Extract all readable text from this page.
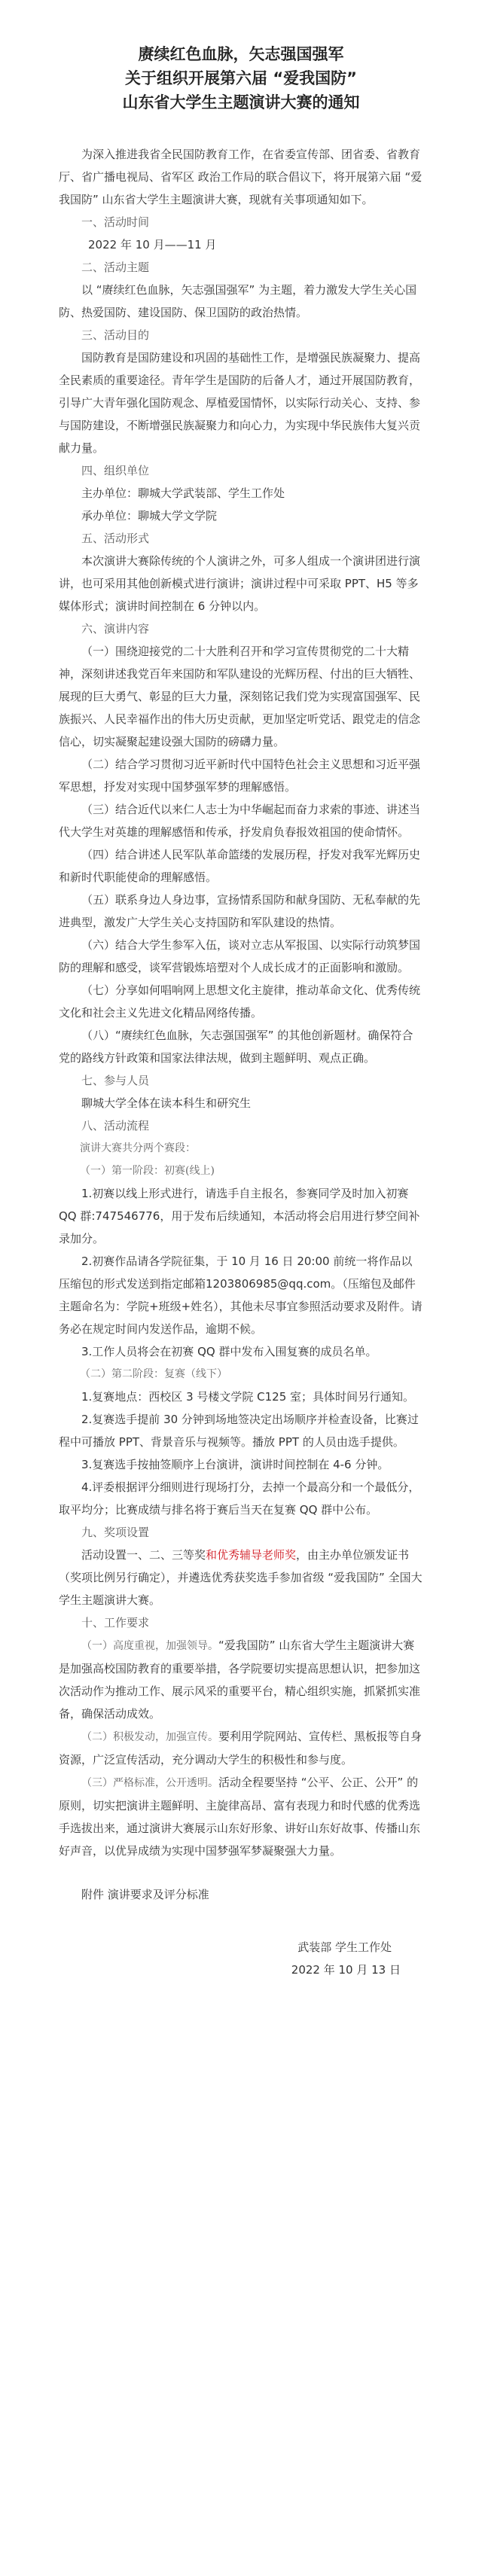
赓续红色血脉，矢志强国强军
关于组织开展第六届 “爱我国防”
山东省大学生主题演讲大赛的通知

为深入推进我省全民国防教育工作，在省委宣传部、团省委、省教育厅、省广播电视局、省军区 政治工作局的联合倡议下，将开展第六届 “爱我国防” 山东省大学生主题演讲大赛，现就有关事项通知如下。

一、活动时间

2022 年 10 月——11 月

二、活动主题

以 “赓续红色血脉，矢志强国强军” 为主题，着力激发大学生关心国防、热爱国防、建设国防、保卫国防的政治热情。

三、活动目的

国防教育是国防建设和巩固的基础性工作，是增强民族凝聚力、提高全民素质的重要途径。青年学生是国防的后备人才，通过开展国防教育，引导广大青年强化国防观念、厚植爱国情怀，以实际行动关心、支持、参与国防建设，不断增强民族凝聚力和向心力，为实现中华民族伟大复兴贡献力量。

四、组织单位

主办单位：聊城大学武装部、学生工作处

承办单位：聊城大学文学院

五、活动形式

本次演讲大赛除传统的个人演讲之外，可多人组成一个演讲团进行演讲，也可采用其他创新模式进行演讲；演讲过程中可采取 PPT、H5 等多媒体形式；演讲时间控制在 6 分钟以内。

六、演讲内容

（一）围绕迎接党的二十大胜利召开和学习宣传贯彻党的二十大精神，深刻讲述我党百年来国防和军队建设的光辉历程、付出的巨大牺牲、展现的巨大勇气、彰显的巨大力量，深刻铭记我们党为实现富国强军、民族振兴、人民幸福作出的伟大历史贡献，更加坚定听党话、跟党走的信念信心，切实凝聚起建设强大国防的磅礴力量。

（二）结合学习贯彻习近平新时代中国特色社会主义思想和习近平强军思想，抒发对实现中国梦强军梦的理解感悟。

（三）结合近代以来仁人志士为中华崛起而奋力求索的事迹、讲述当代大学生对英雄的理解感悟和传承，抒发肩负春报效祖国的使命情怀。

（四）结合讲述人民军队革命篮缕的发展历程，抒发对我军光辉历史和新时代职能使命的理解感悟。

（五）联系身边人身边事，宣扬情系国防和献身国防、无私奉献的先进典型，激发广大学生关心支持国防和军队建设的热情。

（六）结合大学生参军入伍，谈对立志从军报国、以实际行动筑梦国防的理解和感受，谈军营锻炼培塑对个人成长成才的正面影响和激励。

（七）分享如何唱响网上思想文化主旋律，推动革命文化、优秀传统文化和社会主义先进文化精品网络传播。

（八）“赓续红色血脉，矢志强国强军” 的其他创新题材。确保符合党的路线方针政策和国家法律法规，做到主题鲜明、观点正确。

七、参与人员

聊城大学全体在读本科生和研究生

八、活动流程

演讲大赛共分两个赛段：

（一）第一阶段：初赛(线上)

1.初赛以线上形式进行，请选手自主报名，参赛同学及时加入初赛 QQ 群:747546776，用于发布后续通知，本活动将会启用进行梦空间补录加分。

2.初赛作品请各学院征集，于 10 月 16 日 20:00 前统一将作品以压缩包的形式发送到指定邮箱1203806985@qq.com。（压缩包及邮件主题命名为：学院+班级+姓名），其他未尽事宜参照活动要求及附件。请务必在规定时间内发送作品，逾期不候。

3.工作人员将会在初赛 QQ 群中发布入围复赛的成员名单。

（二）第二阶段：复赛（线下）

1.复赛地点：西校区 3 号楼文学院 C125 室；具体时间另行通知。

2.复赛选手提前 30 分钟到场地签决定出场顺序并检查设备，比赛过程中可播放 PPT、背景音乐与视频等。播放 PPT 的人员由选手提供。

3.复赛选手按抽签顺序上台演讲，演讲时间控制在 4-6 分钟。

4.评委根据评分细则进行现场打分，去掉一个最高分和一个最低分，取平均分；比赛成绩与排名将于赛后当天在复赛 QQ 群中公布。

九、奖项设置

活动设置一、二、三等奖和优秀辅导老师奖，由主办单位颁发证书（奖项比例另行确定），并遴选优秀获奖选手参加省级 “爱我国防” 全国大学生主题演讲大赛。

十、工作要求

（一）高度重视，加强领导。“爱我国防” 山东省大学生主题演讲大赛是加强高校国防教育的重要举措，各学院要切实提高思想认识，把参加这次活动作为推动工作、展示风采的重要平台，精心组织实施，抓紧抓实准备，确保活动成效。

（二）积极发动，加强宣传。要利用学院网站、宣传栏、黑板报等自身资源，广泛宣传活动，充分调动大学生的积极性和参与度。

（三）严格标准，公开透明。活动全程要坚持 “公平、公正、公开” 的原则，切实把演讲主题鲜明、主旋律高昂、富有表现力和时代感的优秀选手选拔出来，通过演讲大赛展示山东好形象、讲好山东好故事、传播山东好声音，以优异成绩为实现中国梦强军梦凝聚强大力量。

附件 演讲要求及评分标准

武装部 学生工作处

2022 年 10 月 13 日
